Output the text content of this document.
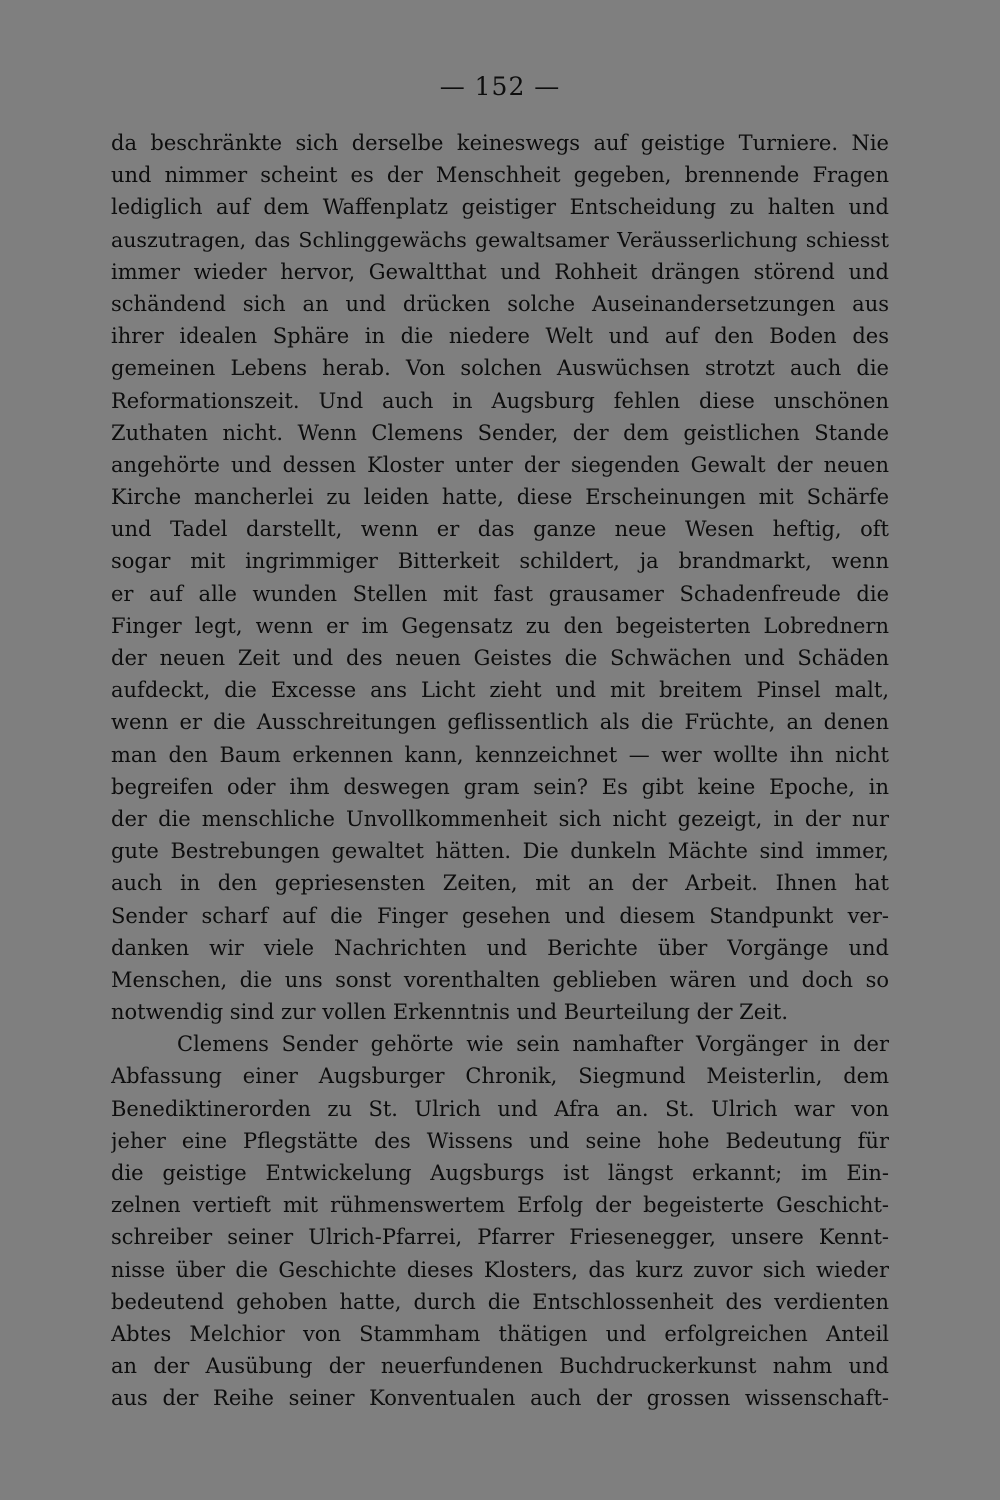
— 152 —
da beschränkte sich derselbe keineswegs auf geistige Turniere. Nie
und nimmer scheint es der Menschheit gegeben, brennende Fragen
lediglich auf dem Waffenplatz geistiger Entscheidung zu halten und
auszutragen, das Schlinggewächs gewaltsamer Veräusserlichung schiesst
immer wieder hervor, Gewaltthat und Rohheit drängen störend und
schändend sich an und drücken solche Auseinandersetzungen aus
ihrer idealen Sphäre in die niedere Welt und auf den Boden des
gemeinen Lebens herab. Von solchen Auswüchsen strotzt auch die
Reformationszeit. Und auch in Augsburg fehlen diese unschönen
Zuthaten nicht. Wenn Clemens Sender, der dem geistlichen Stande
angehörte und dessen Kloster unter der siegenden Gewalt der neuen
Kirche mancherlei zu leiden hatte, diese Erscheinungen mit Schärfe
und Tadel darstellt, wenn er das ganze neue Wesen heftig, oft
sogar mit ingrimmiger Bitterkeit schildert, ja brandmarkt, wenn
er auf alle wunden Stellen mit fast grausamer Schadenfreude die
Finger legt, wenn er im Gegensatz zu den begeisterten Lobrednern
der neuen Zeit und des neuen Geistes die Schwächen und Schäden
aufdeckt, die Excesse ans Licht zieht und mit breitem Pinsel malt,
wenn er die Ausschreitungen geflissentlich als die Früchte, an denen
man den Baum erkennen kann, kennzeichnet — wer wollte ihn nicht
begreifen oder ihm deswegen gram sein? Es gibt keine Epoche, in
der die menschliche Unvollkommenheit sich nicht gezeigt, in der nur
gute Bestrebungen gewaltet hätten. Die dunkeln Mächte sind immer,
auch in den gepriesensten Zeiten, mit an der Arbeit. Ihnen hat
Sender scharf auf die Finger gesehen und diesem Standpunkt ver-
danken wir viele Nachrichten und Berichte über Vorgänge und
Menschen, die uns sonst vorenthalten geblieben wären und doch so
notwendig sind zur vollen Erkenntnis und Beurteilung der Zeit.
Clemens Sender gehörte wie sein namhafter Vorgänger in der
Abfassung einer Augsburger Chronik, Siegmund Meisterlin, dem
Benediktinerorden zu St. Ulrich und Afra an. St. Ulrich war von
jeher eine Pflegstätte des Wissens und seine hohe Bedeutung für
die geistige Entwickelung Augsburgs ist längst erkannt; im Ein-
zelnen vertieft mit rühmenswertem Erfolg der begeisterte Geschicht-
schreiber seiner Ulrich-Pfarrei, Pfarrer Friesenegger, unsere Kennt-
nisse über die Geschichte dieses Klosters, das kurz zuvor sich wieder
bedeutend gehoben hatte, durch die Entschlossenheit des verdienten
Abtes Melchior von Stammham thätigen und erfolgreichen Anteil
an der Ausübung der neuerfundenen Buchdruckerkunst nahm und
aus der Reihe seiner Konventualen auch der grossen wissenschaft-
